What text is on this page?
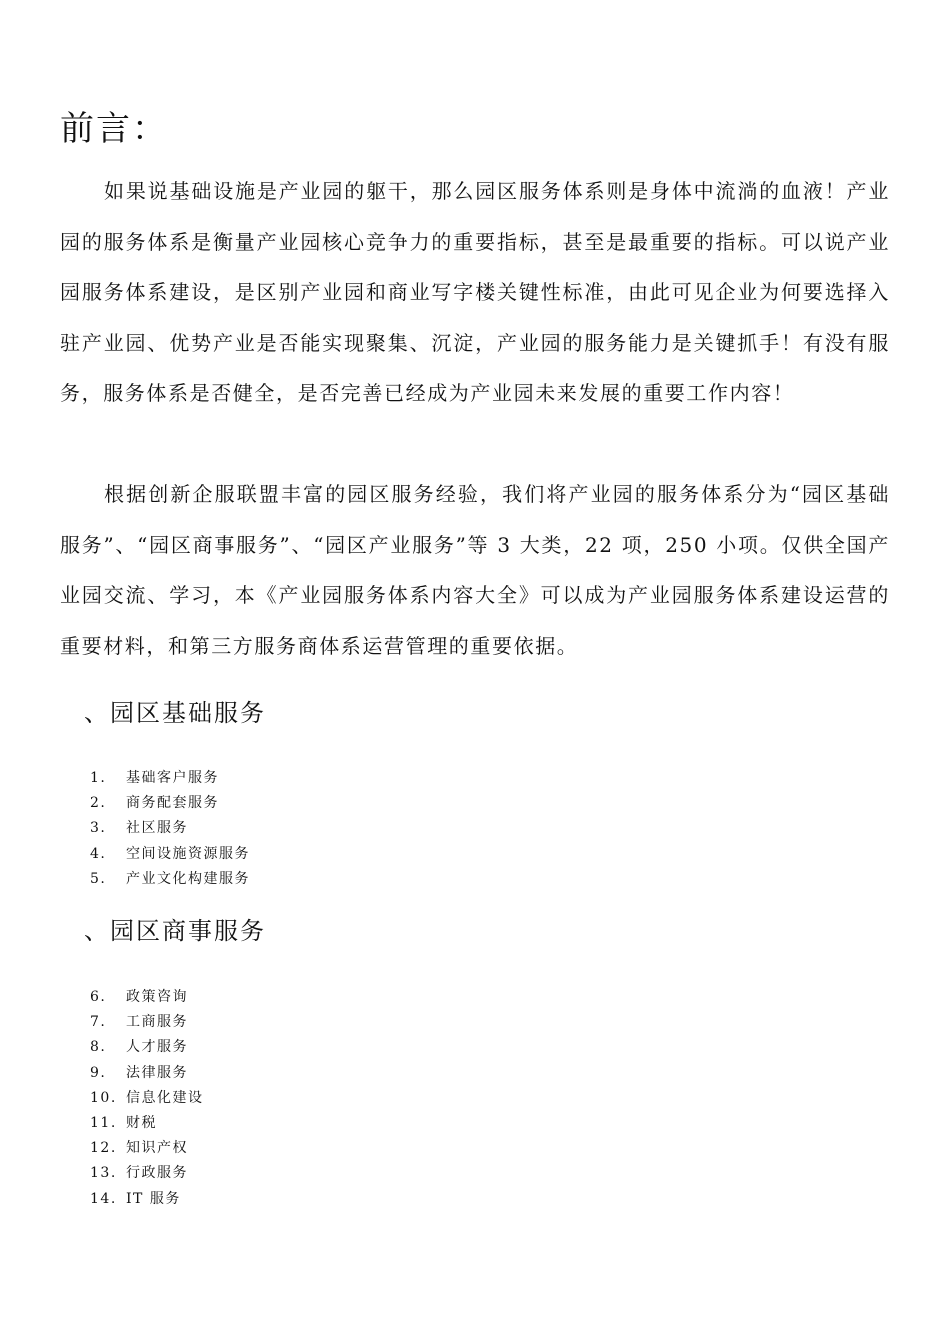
前言：

如果说基础设施是产业园的躯干，那么园区服务体系则是身体中流淌的血液！产业园的服务体系是衡量产业园核心竞争力的重要指标，甚至是最重要的指标。可以说产业园服务体系建设，是区别产业园和商业写字楼关键性标准，由此可见企业为何要选择入驻产业园、优势产业是否能实现聚集、沉淀，产业园的服务能力是关键抓手！有没有服务，服务体系是否健全，是否完善已经成为产业园未来发展的重要工作内容！

根据创新企服联盟丰富的园区服务经验，我们将产业园的服务体系分为“园区基础服务”、“园区商事服务”、“园区产业服务”等 3 大类，22 项，250 小项。仅供全国产业园交流、学习，本《产业园服务体系内容大全》可以成为产业园服务体系建设运营的重要材料，和第三方服务商体系运营管理的重要依据。

、园区基础服务
1. 基础客户服务
2. 商务配套服务
3. 社区服务
4. 空间设施资源服务
5. 产业文化构建服务
、园区商事服务
6. 政策咨询
7. 工商服务
8. 人才服务
9. 法律服务
10. 信息化建设
11. 财税
12. 知识产权
13. 行政服务
14. IT 服务
